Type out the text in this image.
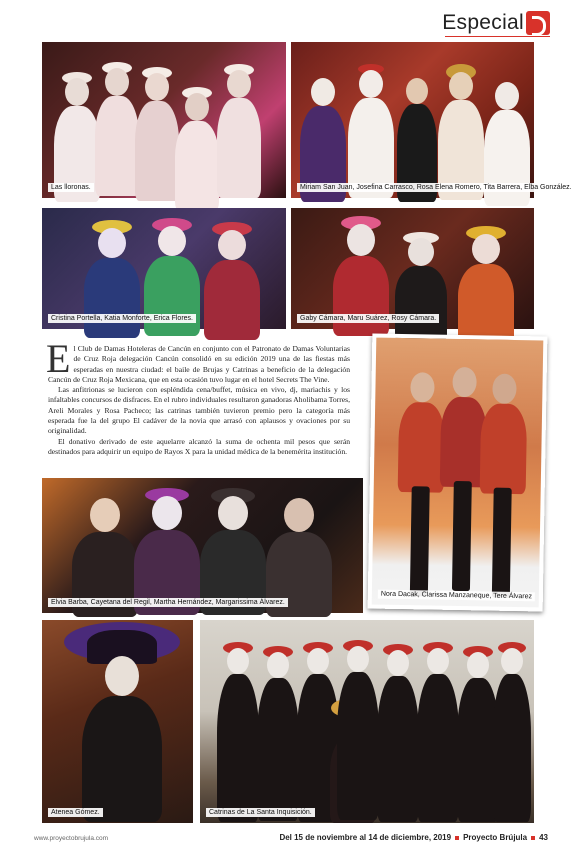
Especial
Las lloronas.	Miriam San Juan, Josefina Carrasco, Rosa Elena Romero, Tita Barrera, Elba González.
Cristina Portella, Katia Monforte, Erica Flores.	Gaby Cámara, Maru Suárez, Rosy Cámara.

El Club de Damas Hoteleras de Cancún en conjunto con el Patronato de Damas Voluntarias de Cruz Roja delegación Cancún consolidó en su edición 2019 una de las fiestas más esperadas en nuestra ciudad: el baile de Brujas y Catrinas a beneficio de la delegación Cancún de Cruz Roja Mexicana, que en esta ocasión tuvo lugar en el hotel Secrets The Vine.

Las anfitrionas se lucieron con espléndida cena/buffet, música en vivo, dj, mariachis y los infaltables concursos de disfraces. En el rubro individuales resultaron ganadoras Aholibama Torres, Areli Morales y Rosa Pacheco; las catrinas también tuvieron premio pero la categoría más esperada fue la del grupo El cadáver de la novia que arrasó con aplausos y ovaciones por su originalidad.

El donativo derivado de este aquelarre alcanzó la suma de ochenta mil pesos que serán destinados para adquirir un equipo de Rayos X para la unidad médica de la benemérita institución.

Nora Dacak, Clarissa Manzaneque, Tere Álvarez
Elvia Barba, Cayetana del Regil, Martha Hernández, Margarissima Álvarez.
Atenea Gómez.	Catrinas de La Santa Inquisición.
www.proyectobrujula.com	Del 15 de noviembre al 14 de diciembre, 2019 Proyecto Brújula 43
